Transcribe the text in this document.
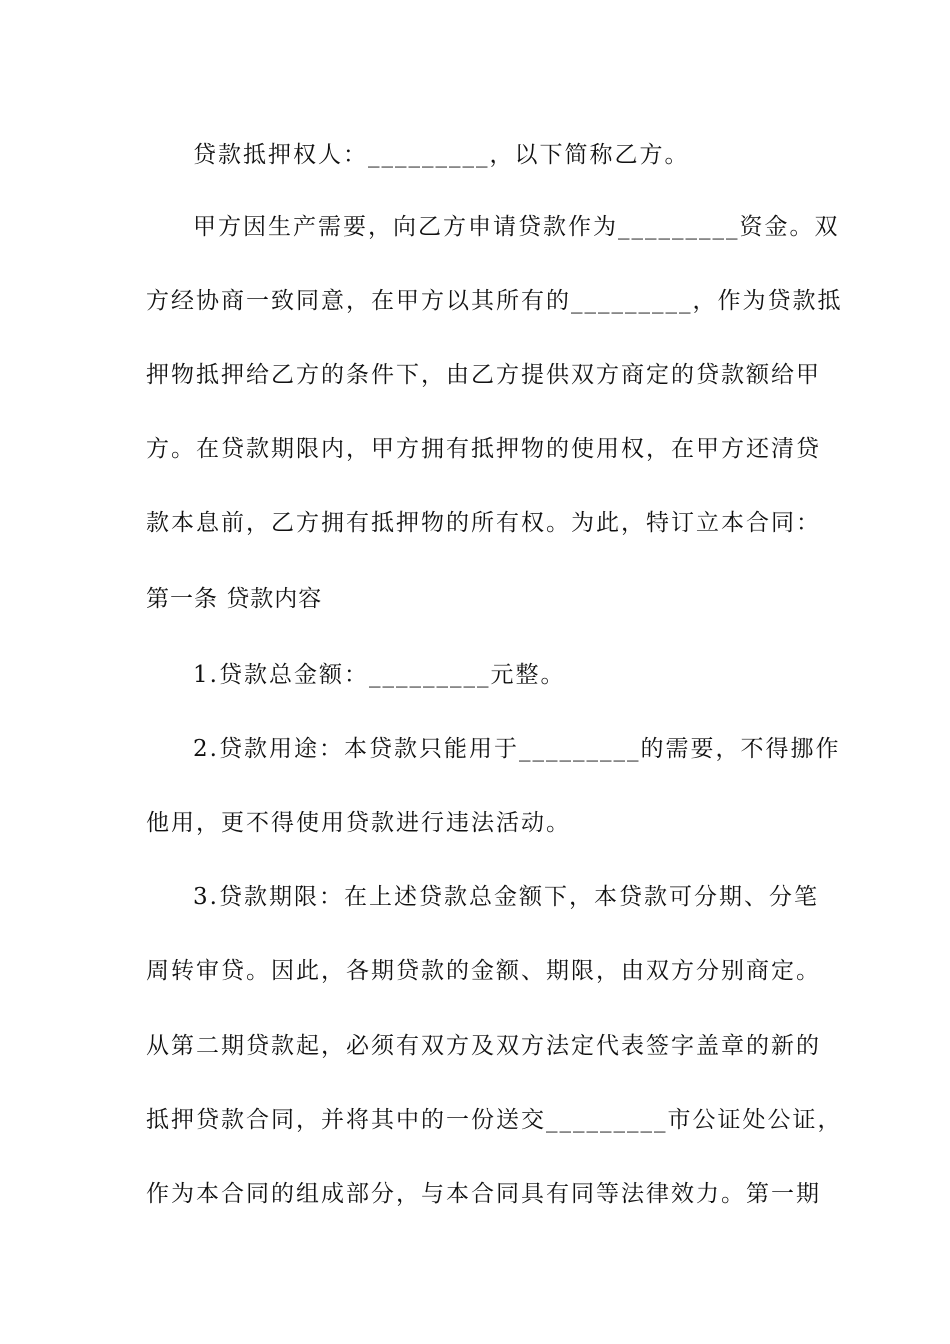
贷款抵押权人：_________，以下简称乙方。
甲方因生产需要，向乙方申请贷款作为_________资金。双
方经协商一致同意，在甲方以其所有的_________，作为贷款抵
押物抵押给乙方的条件下，由乙方提供双方商定的贷款额给甲
方。在贷款期限内，甲方拥有抵押物的使用权，在甲方还清贷
款本息前，乙方拥有抵押物的所有权。为此，特订立本合同：
第一条 贷款内容
1.贷款总金额：_________元整。
2.贷款用途：本贷款只能用于_________的需要，不得挪作
他用，更不得使用贷款进行违法活动。
3.贷款期限：在上述贷款总金额下，本贷款可分期、分笔
周转审贷。因此，各期贷款的金额、期限，由双方分别商定。
从第二期贷款起，必须有双方及双方法定代表签字盖章的新的
抵押贷款合同，并将其中的一份送交_________市公证处公证，
作为本合同的组成部分，与本合同具有同等法律效力。第一期
